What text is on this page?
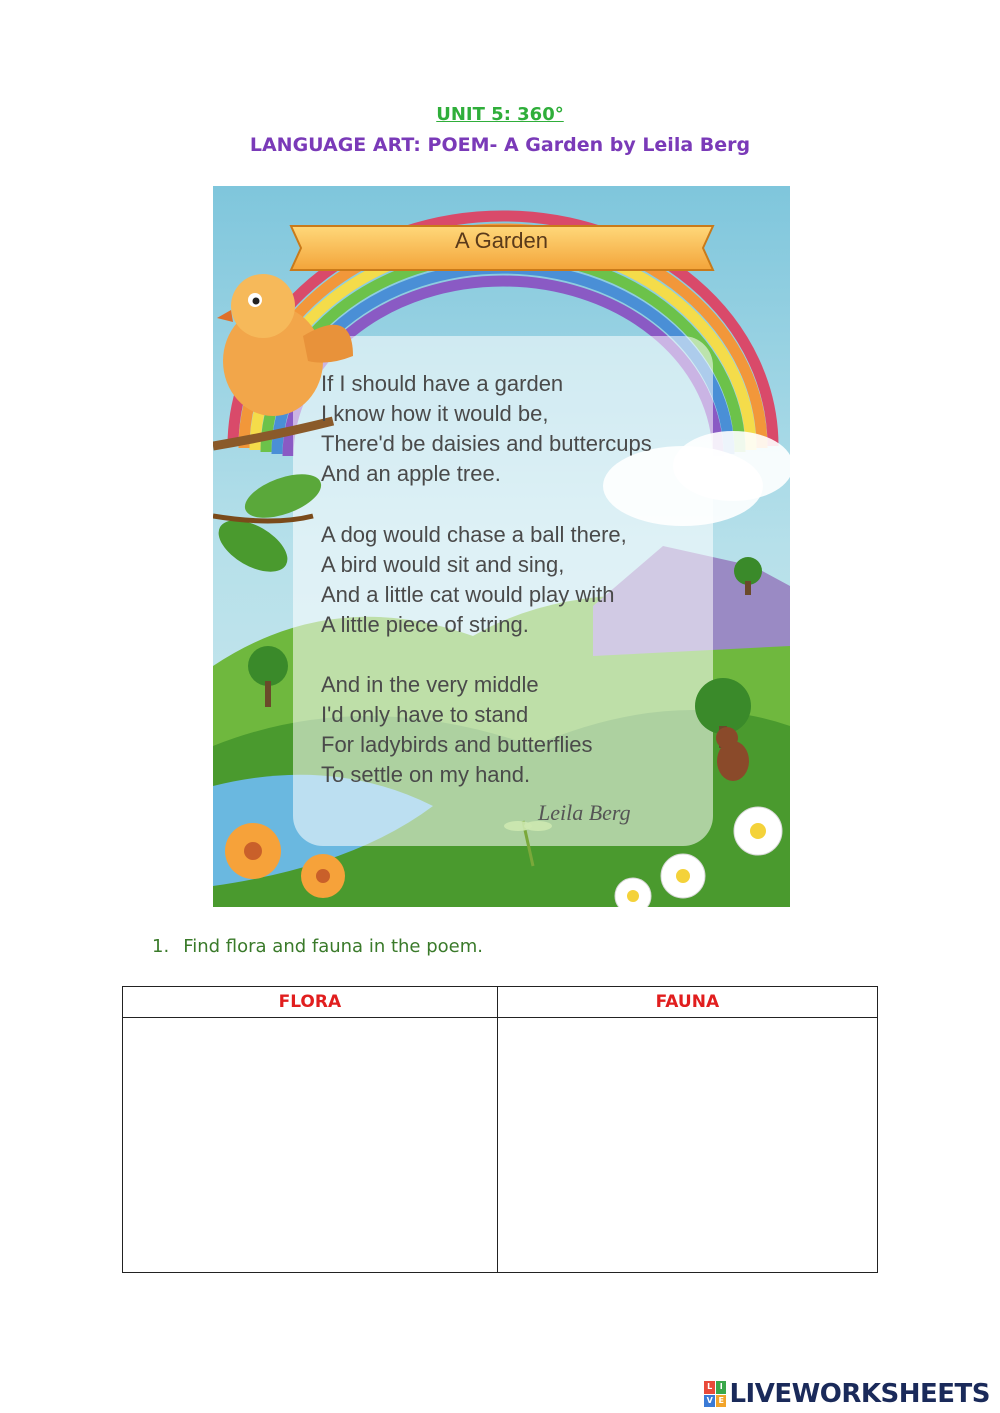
UNIT 5: 360°
LANGUAGE ART: POEM- A Garden by Leila Berg
A Garden
If I should have a garden
I know how it would be,
There'd be daisies and buttercups
And an apple tree.
A dog would chase a ball there,
A bird would sit and sing,
And a little cat would play with
A little piece of string.
And in the very middle
I'd only have to stand
For ladybirds and butterflies
To settle on my hand.
Leila Berg
1. Find flora and fauna in the poem.
FLORA	FAUNA

L I
V E LIVEWORKSHEETS
